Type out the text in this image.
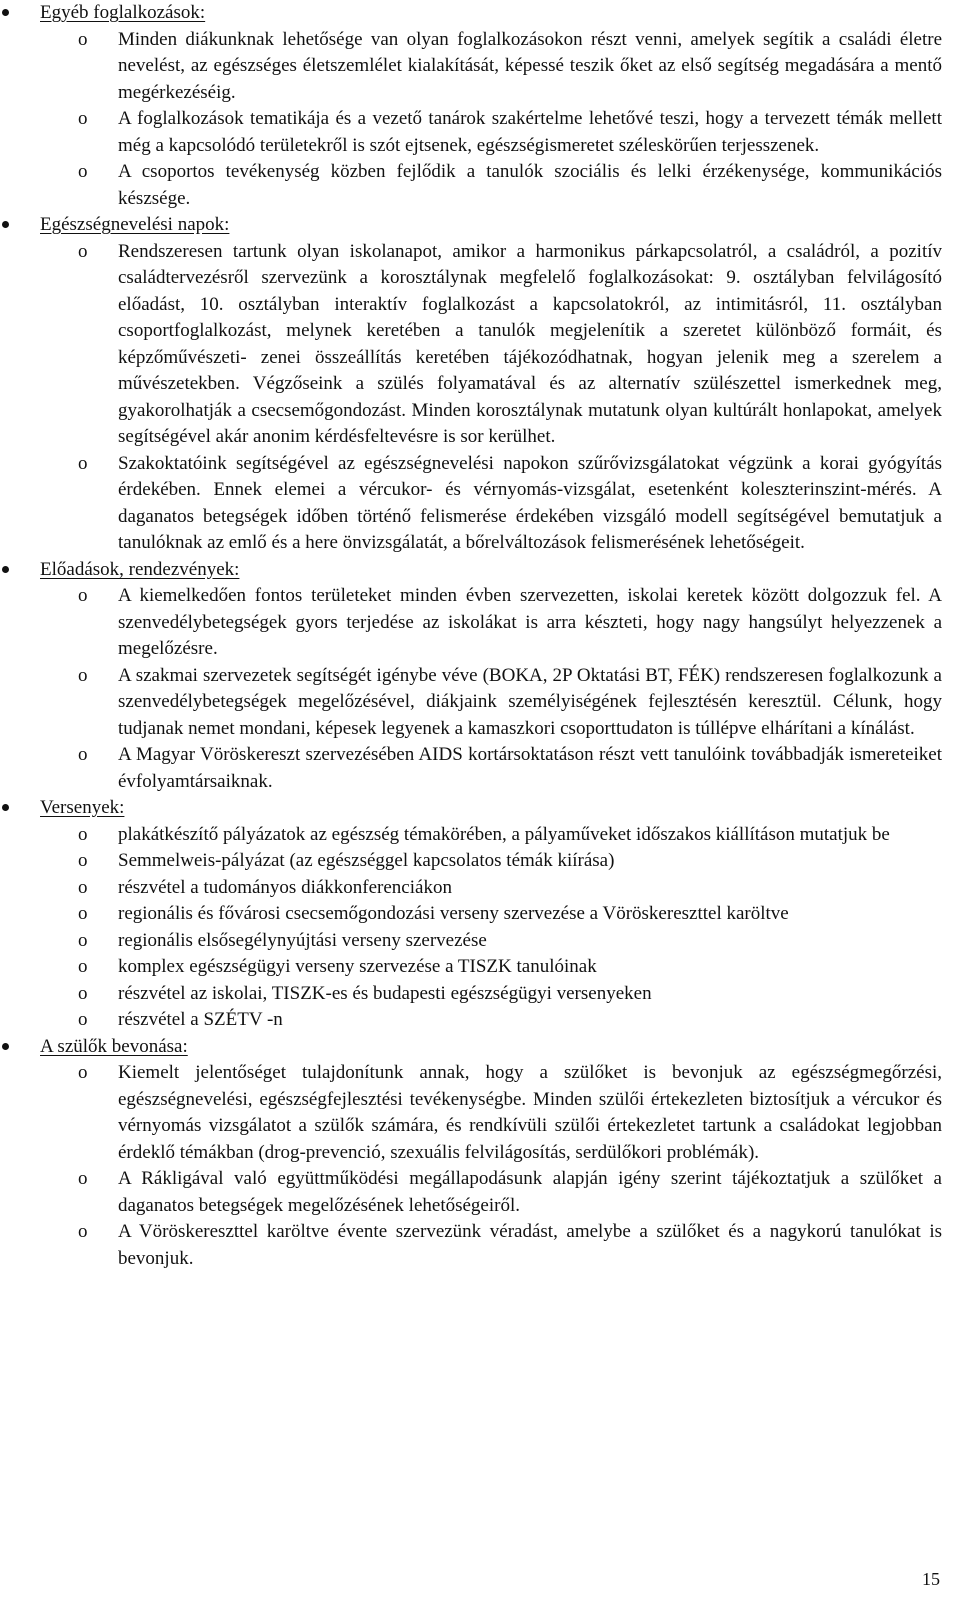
Egyéb foglalkozások:
o Minden diákunknak lehetősége van olyan foglalkozásokon részt venni, amelyek segítik a családi életre nevelést, az egészséges életszemlélet kialakítását, képessé teszik őket az első segítség megadására a mentő megérkezéséig.

o A foglalkozások tematikája és a vezető tanárok szakértelme lehetővé teszi, hogy a tervezett témák mellett még a kapcsolódó területekről is szót ejtsenek, egészségismeretet széleskörűen terjesszenek.

o A csoportos tevékenység közben fejlődik a tanulók szociális és lelki érzékenysége, kommunikációs készsége.

Egészségnevelési napok:
o Rendszeresen tartunk olyan iskolanapot, amikor a harmonikus párkapcsolatról, a családról, a pozitív családtervezésről szervezünk a korosztálynak megfelelő foglalkozásokat: 9. osztályban felvilágosító előadást, 10. osztályban interaktív foglalkozást a kapcsolatokról, az intimitásról, 11. osztályban csoportfoglalkozást, melynek keretében a tanulók megjelenítik a szeretet különböző formáit, és képzőművészeti- zenei összeállítás keretében tájékozódhatnak, hogyan jelenik meg a szerelem a művészetekben. Végzőseink a szülés folyamatával és az alternatív szülészettel ismerkednek meg, gyakorolhatják a csecsemőgondozást. Minden korosztálynak mutatunk olyan kultúrált honlapokat, amelyek segítségével akár anonim kérdésfeltevésre is sor kerülhet.

o Szakoktatóink segítségével az egészségnevelési napokon szűrővizsgálatokat végzünk a korai gyógyítás érdekében. Ennek elemei a vércukor- és vérnyomás-vizsgálat, esetenként koleszterinszint-mérés. A daganatos betegségek időben történő felismerése érdekében vizsgáló modell segítségével bemutatjuk a tanulóknak az emlő és a here önvizsgálatát, a bőrelváltozások felismerésének lehetőségeit.

Előadások, rendezvények:
o A kiemelkedően fontos területeket minden évben szervezetten, iskolai keretek között dolgozzuk fel. A szenvedélybetegségek gyors terjedése az iskolákat is arra készteti, hogy nagy hangsúlyt helyezzenek a megelőzésre.

o A szakmai szervezetek segítségét igénybe véve (BOKA, 2P Oktatási BT, FÉK) rendszeresen foglalkozunk a szenvedélybetegségek megelőzésével, diákjaink személyiségének fejlesztésén keresztül. Célunk, hogy tudjanak nemet mondani, képesek legyenek a kamaszkori csoporttudaton is túllépve elhárítani a kínálást.

o A Magyar Vöröskereszt szervezésében AIDS kortársoktatáson részt vett tanulóink továbbadják ismereteiket évfolyamtársaiknak.

Versenyek:
o plakátkészítő pályázatok az egészség témakörében, a pályaműveket időszakos kiállításon mutatjuk be

o Semmelweis-pályázat (az egészséggel kapcsolatos témák kiírása)

o részvétel a tudományos diákkonferenciákon

o regionális és fővárosi csecsemőgondozási verseny szervezése a Vöröskereszttel karöltve

o regionális elsősegélynyújtási verseny szervezése

o komplex egészségügyi verseny szervezése a TISZK tanulóinak

o részvétel az iskolai, TISZK-es és budapesti egészségügyi versenyeken

o részvétel a SZÉTV -n

A szülők bevonása:
o Kiemelt jelentőséget tulajdonítunk annak, hogy a szülőket is bevonjuk az egészségmegőrzési, egészségnevelési, egészségfejlesztési tevékenységbe. Minden szülői értekezleten biztosítjuk a vércukor és vérnyomás vizsgálatot a szülők számára, és rendkívüli szülői értekezletet tartunk a családokat legjobban érdeklő témákban (drog-prevenció, szexuális felvilágosítás, serdülőkori problémák).

o A Rákligával való együttműködési megállapodásunk alapján igény szerint tájékoztatjuk a szülőket a daganatos betegségek megelőzésének lehetőségeiről.

o A Vöröskereszttel karöltve évente szervezünk véradást, amelybe a szülőket és a nagykorú tanulókat is bevonjuk.

15
